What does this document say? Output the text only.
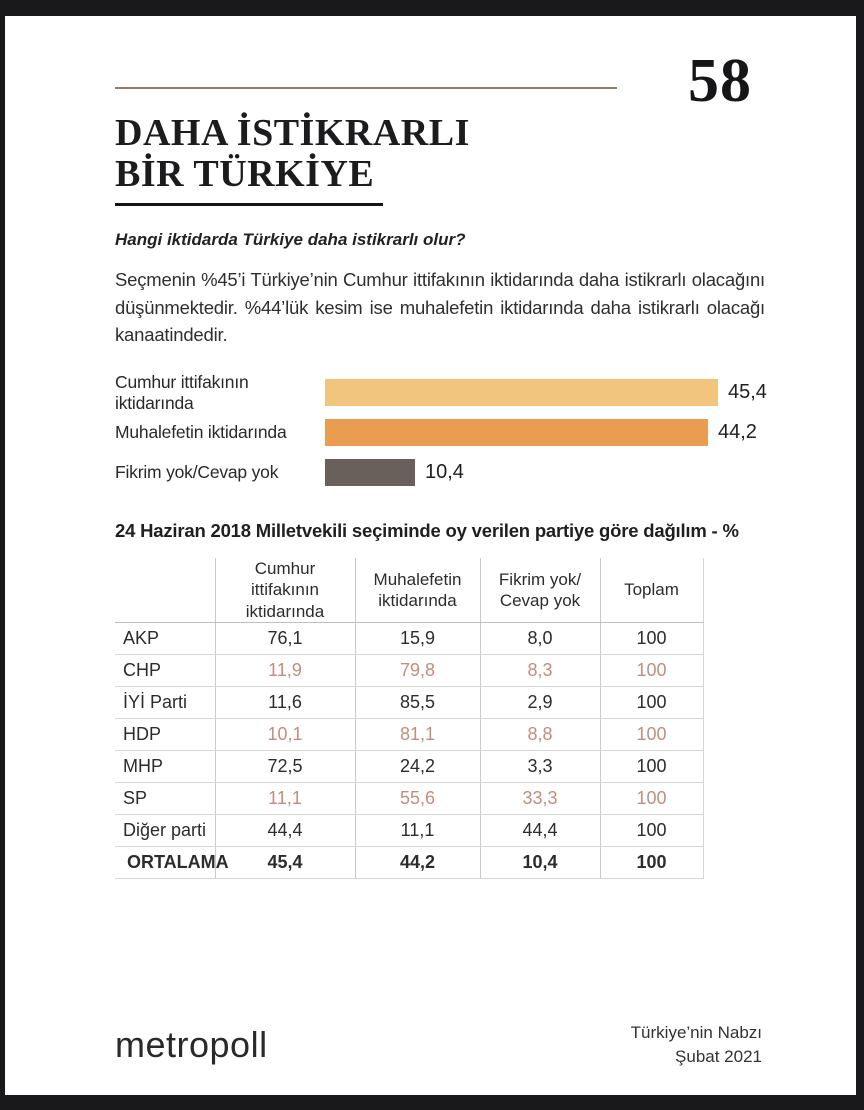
58
DAHA İSTİKRARLI
BİR TÜRKİYE
Hangi iktidarda Türkiye daha istikrarlı olur?
Seçmenin %45’i Türkiye’nin Cumhur ittifakının iktidarında daha istikrarlı olacağını düşünmektedir. %44’lük kesim ise muhalefetin iktidarında daha istikrarlı olacağı kanaatindedir.
Cumhur ittifakının iktidarında	45,4
Muhalefetin iktidarında	44,2
Fikrim yok/Cevap yok	10,4
24 Haziran 2018 Milletvekili seçiminde oy verilen partiye göre dağılım - %
	Cumhur ittifakının iktidarında	Muhalefetin iktidarında	Fikrim yok/ Cevap yok	Toplam
AKP	76,1	15,9	8,0	100
CHP	11,9	79,8	8,3	100
İYİ Parti	11,6	85,5	2,9	100
HDP	10,1	81,1	8,8	100
MHP	72,5	24,2	3,3	100
SP	11,1	55,6	33,3	100
Diğer parti	44,4	11,1	44,4	100
ORTALAMA	45,4	44,2	10,4	100
metropoll	Türkiye’nin Nabzı
Şubat 2021
